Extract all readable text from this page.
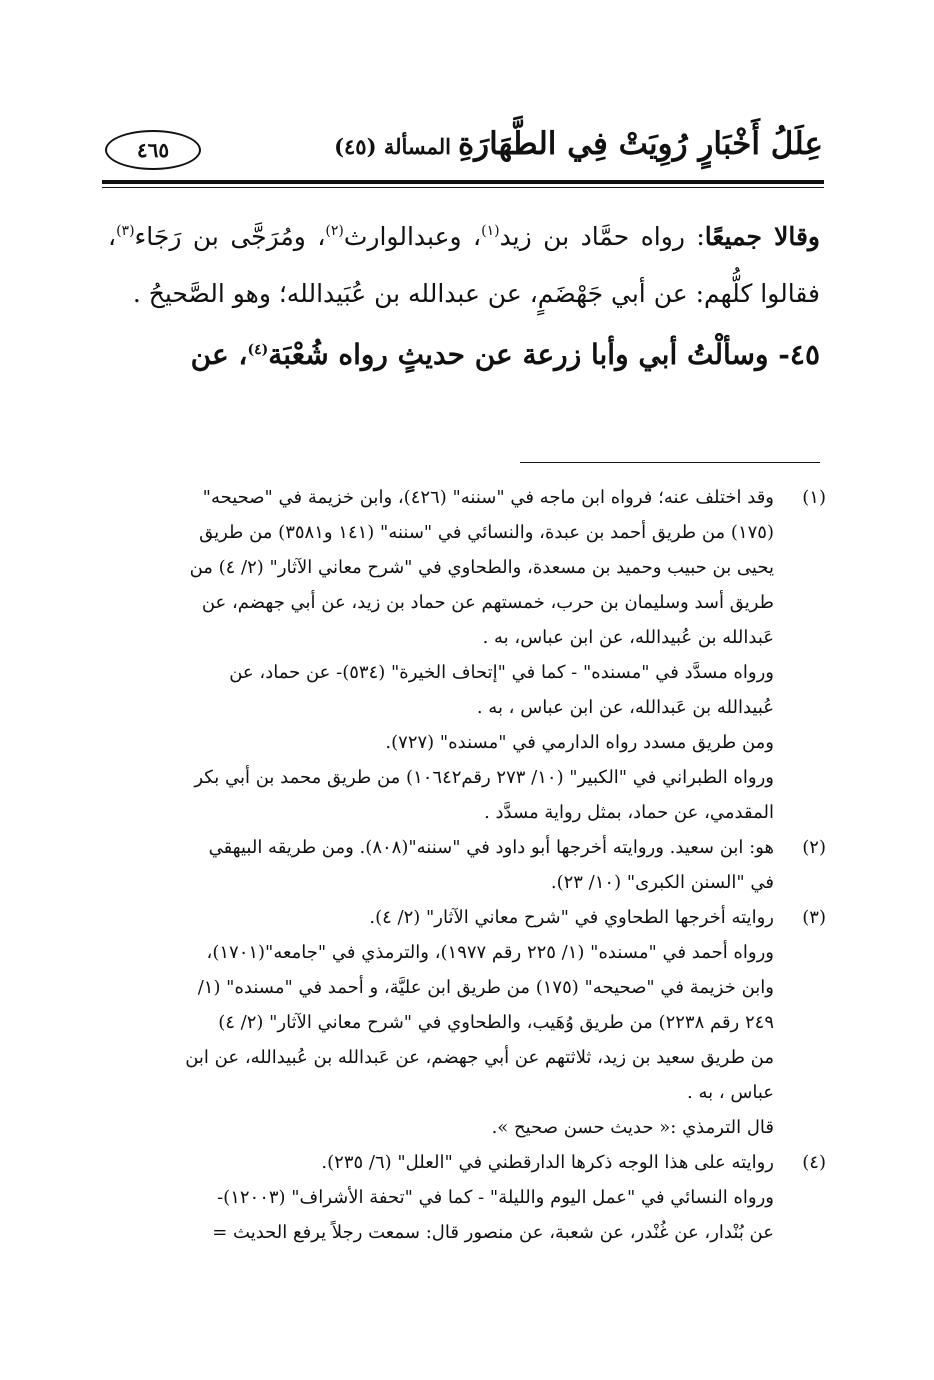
عِلَلُ أَخْبَارٍ رُوِيَتْ فِي الطَّهَارَةِ
المسألة (٤٥)
٤٦٥

وقالا جميعًا: رواه حمَّاد بن زيد$^{(١)}$، وعبدالوارث$^{(٢)}$، ومُرَجَّى بن رَجَاء$^{(٣)}$، فقالوا كلُّهم: عن أبي جَهْضَمٍ، عن عبدالله بن عُبَيدالله؛ وهو الصَّحيحُ .

٤٥- وسألْتُ أبي وأبا زرعة عن حديثٍ رواه شُعْبَة$^{(٤)}$، عن

(١)
وقد اختلف عنه؛ فرواه ابن ماجه في "سننه" (٤٢٦)، وابن خزيمة في "صحيحه"
(١٧٥) من طريق أحمد بن عبدة، والنسائي في "سننه" (١٤١ و٣٥٨١) من طريق
يحيى بن حبيب وحميد بن مسعدة، والطحاوي في "شرح معاني الآثار" (٢/ ٤) من
طريق أسد وسليمان بن حرب، خمستهم عن حماد بن زيد، عن أبي جهضم، عن
عَبدالله بن عُبيدالله، عن ابن عباس، به .
ورواه مسدَّد في "مسنده" - كما في "إتحاف الخيرة" (٥٣٤)- عن حماد، عن
عُبيدالله بن عَبدالله، عن ابن عباس ، به .
ومن طريق مسدد رواه الدارمي في "مسنده" (٧٢٧).
ورواه الطبراني في "الكبير" (١٠/ ٢٧٣ رقم١٠٦٤٢) من طريق محمد بن أبي بكر
المقدمي، عن حماد، بمثل رواية مسدَّد .
(٢)
هو: ابن سعيد. وروايته أخرجها أبو داود في "سننه"(٨٠٨). ومن طريقه البيهقي
في "السنن الكبرى" (١٠/ ٢٣).
(٣)
روايته أخرجها الطحاوي في "شرح معاني الآثار" (٢/ ٤).
ورواه أحمد في "مسنده" (١/ ٢٢٥ رقم ١٩٧٧)، والترمذي في "جامعه"(١٧٠١)،
وابن خزيمة في "صحيحه" (١٧٥) من طريق ابن عليَّة، و أحمد في "مسنده" (١/
٢٤٩ رقم ٢٢٣٨) من طريق وُهَيب، والطحاوي في "شرح معاني الآثار" (٢/ ٤)
من طريق سعيد بن زيد، ثلاثتهم عن أبي جهضم، عن عَبدالله بن عُبيدالله، عن ابن
عباس ، به .
قال الترمذي :« حديث حسن صحيح ».
(٤)
روايته على هذا الوجه ذكرها الدارقطني في "العلل" (٦/ ٢٣٥).
ورواه النسائي في "عمل اليوم والليلة" - كما في "تحفة الأشراف" (١٢٠٠٣)-
عن بُنْدار، عن غُنْدر، عن شعبة، عن منصور قال: سمعت رجلاً يرفع الحديث =
